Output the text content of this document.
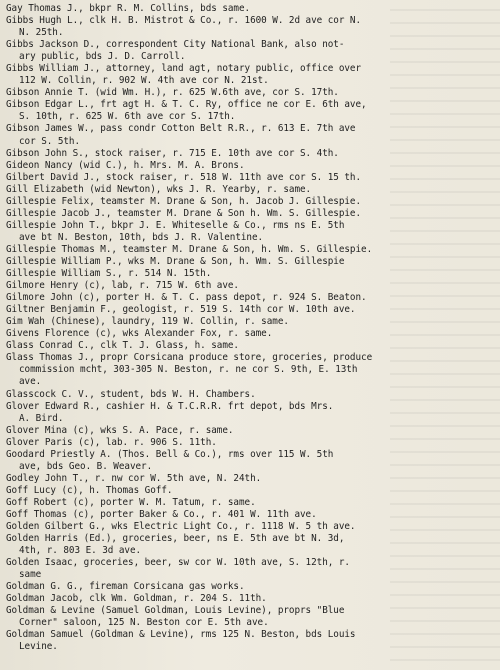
Gay Thomas J., bkpr R. M. Collins, bds same.
Gibbs Hugh L., clk H. B. Mistrot & Co., r. 1600 W. 2d ave cor N.
N. 25th.
Gibbs Jackson D., correspondent City National Bank, also not-
ary public, bds J. D. Carroll.
Gibbs William J., attorney, land agt, notary public, office over
112 W. Collin, r. 902 W. 4th ave cor N. 21st.
Gibson Annie T. (wid Wm. H.), r. 625 W.6th ave, cor S. 17th.
Gibson Edgar L., frt agt H. & T. C. Ry, office ne cor E. 6th ave,
S. 10th, r. 625 W. 6th ave cor S. 17th.
Gibson James W., pass condr Cotton Belt R.R., r. 613 E. 7th ave
cor S. 5th.
Gibson John S., stock raiser, r. 715 E. 10th ave cor S. 4th.
Gideon Nancy (wid C.), h. Mrs. M. A. Brons.
Gilbert David J., stock raiser, r. 518 W. 11th ave cor S. 15 th.
Gill Elizabeth (wid Newton), wks J. R. Yearby, r. same.
Gillespie Felix, teamster M. Drane & Son, h. Jacob J. Gillespie.
Gillespie Jacob J., teamster M. Drane & Son h. Wm. S. Gillespie.
Gillespie John T., bkpr J. E. Whiteselle & Co., rms ns E. 5th
ave bt N. Beston, 10th, bds J. R. Valentine.
Gillespie Thomas M., teamster M. Drane & Son, h. Wm. S. Gillespie.
Gillespie William P., wks M. Drane & Son, h. Wm. S. Gillespie
Gillespie William S., r. 514 N. 15th.
Gilmore Henry (c), lab, r. 715 W. 6th ave.
Gilmore John (c), porter H. & T. C. pass depot, r. 924 S. Beaton.
Giltner Benjamin F., geologist, r. 519 S. 14th cor W. 10th ave.
Gim Wah (Chinese), laundry, 119 W. Collin, r. same.
Givens Florence (c), wks Alexander Fox, r. same.
Glass Conrad C., clk T. J. Glass, h. same.
Glass Thomas J., propr Corsicana produce store, groceries, produce
commission mcht, 303-305 N. Beston, r. ne cor S. 9th, E. 13th
ave.
Glasscock C. V., student, bds W. H. Chambers.
Glover Edward R., cashier H. & T.C.R.R. frt depot, bds Mrs.
A. Bird.
Glover Mina (c), wks S. A. Pace, r. same.
Glover Paris (c), lab. r. 906 S. 11th.
Goodard Priestly A. (Thos. Bell & Co.), rms over 115 W. 5th
ave, bds Geo. B. Weaver.
Godley John T., r. nw cor W. 5th ave, N. 24th.
Goff Lucy (c), h. Thomas Goff.
Goff Robert (c), porter W. M. Tatum, r. same.
Goff Thomas (c), porter Baker & Co., r. 401 W. 11th ave.
Golden Gilbert G., wks Electric Light Co., r. 1118 W. 5 th ave.
Golden Harris (Ed.), groceries, beer, ns E. 5th ave bt N. 3d,
4th, r. 803 E. 3d ave.
Golden Isaac, groceries, beer, sw cor W. 10th ave, S. 12th, r.
same
Goldman G. G., fireman Corsicana gas works.
Goldman Jacob, clk Wm. Goldman, r. 204 S. 11th.
Goldman & Levine (Samuel Goldman, Louis Levine), proprs "Blue
Corner" saloon, 125 N. Beston cor E. 5th ave.
Goldman Samuel (Goldman & Levine), rms 125 N. Beston, bds Louis
Levine.
